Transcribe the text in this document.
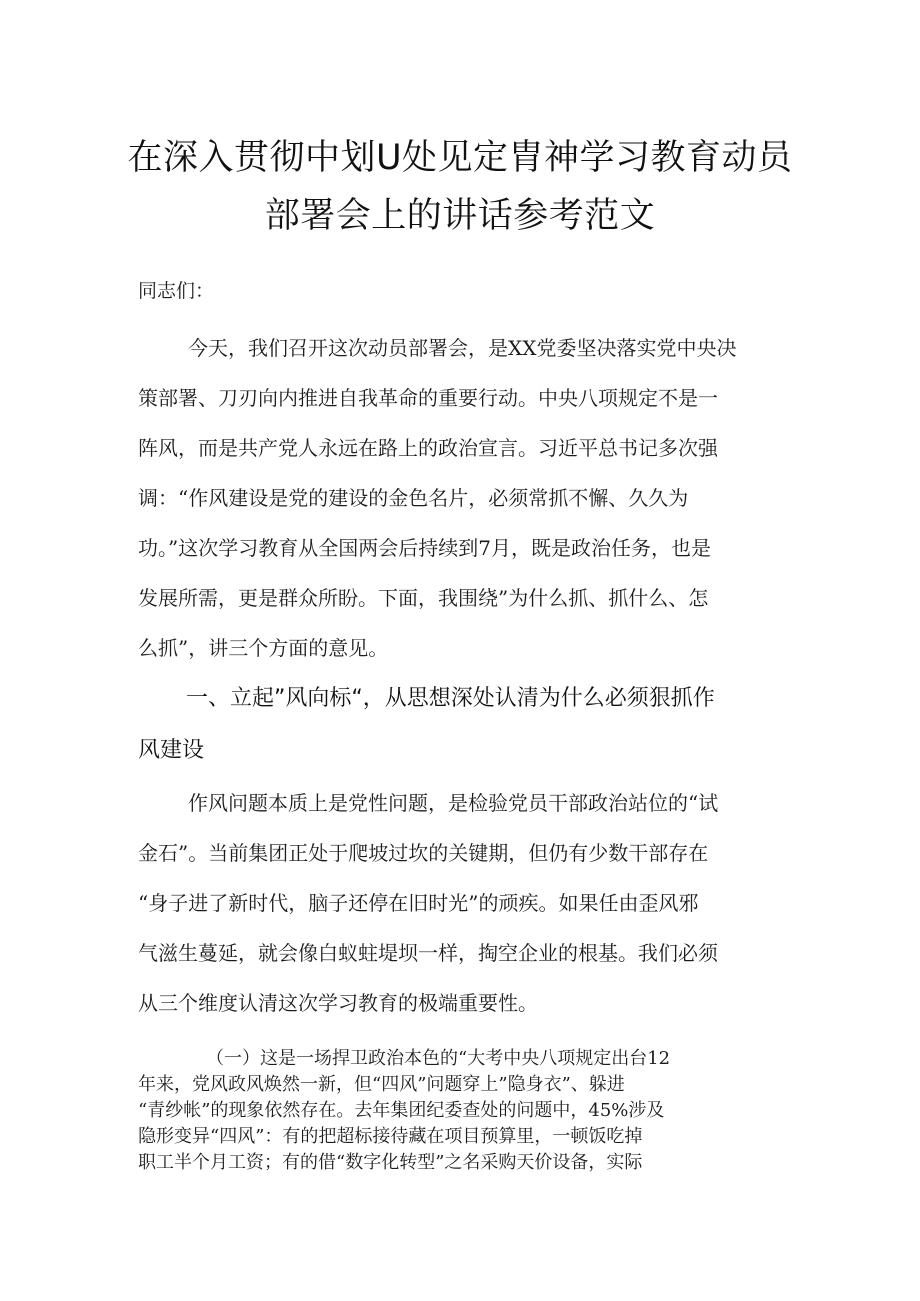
在深入贯彻中划U处见定胄神学习教育动员
部署会上的讲话参考范文
同志们：
今天，我们召开这次动员部署会，是XX党委坚决落实党中央决
策部署、刀刃向内推进自我革命的重要行动。中央八项规定不是一
阵风，而是共产党人永远在路上的政治宣言。习近平总书记多次强
调：“作风建设是党的建设的金色名片，必须常抓不懈、久久为
功。”这次学习教育从全国两会后持续到7月，既是政治任务，也是
发展所需，更是群众所盼。下面，我围绕”为什么抓、抓什么、怎
么抓”，讲三个方面的意见。
一、立起”风向标“，从思想深处认清为什么必须狠抓作
风建设
作风问题本质上是党性问题，是检验党员干部政治站位的“试
金石”。当前集团正处于爬坡过坎的关键期，但仍有少数干部存在
“身子进了新时代，脑子还停在旧时光”的顽疾。如果任由歪风邪
气滋生蔓延，就会像白蚁蛀堤坝一样，掏空企业的根基。我们必须
从三个维度认清这次学习教育的极端重要性。
（一）这是一场捍卫政治本色的“大考中央八项规定出台12
年来，党风政风焕然一新，但“四风”问题穿上”隐身衣”、躲进
“青纱帐”的现象依然存在。去年集团纪委查处的问题中，45%涉及
隐形变异“四风”：有的把超标接待藏在项目预算里，一顿饭吃掉
职工半个月工资；有的借“数字化转型”之名采购天价设备，实际
